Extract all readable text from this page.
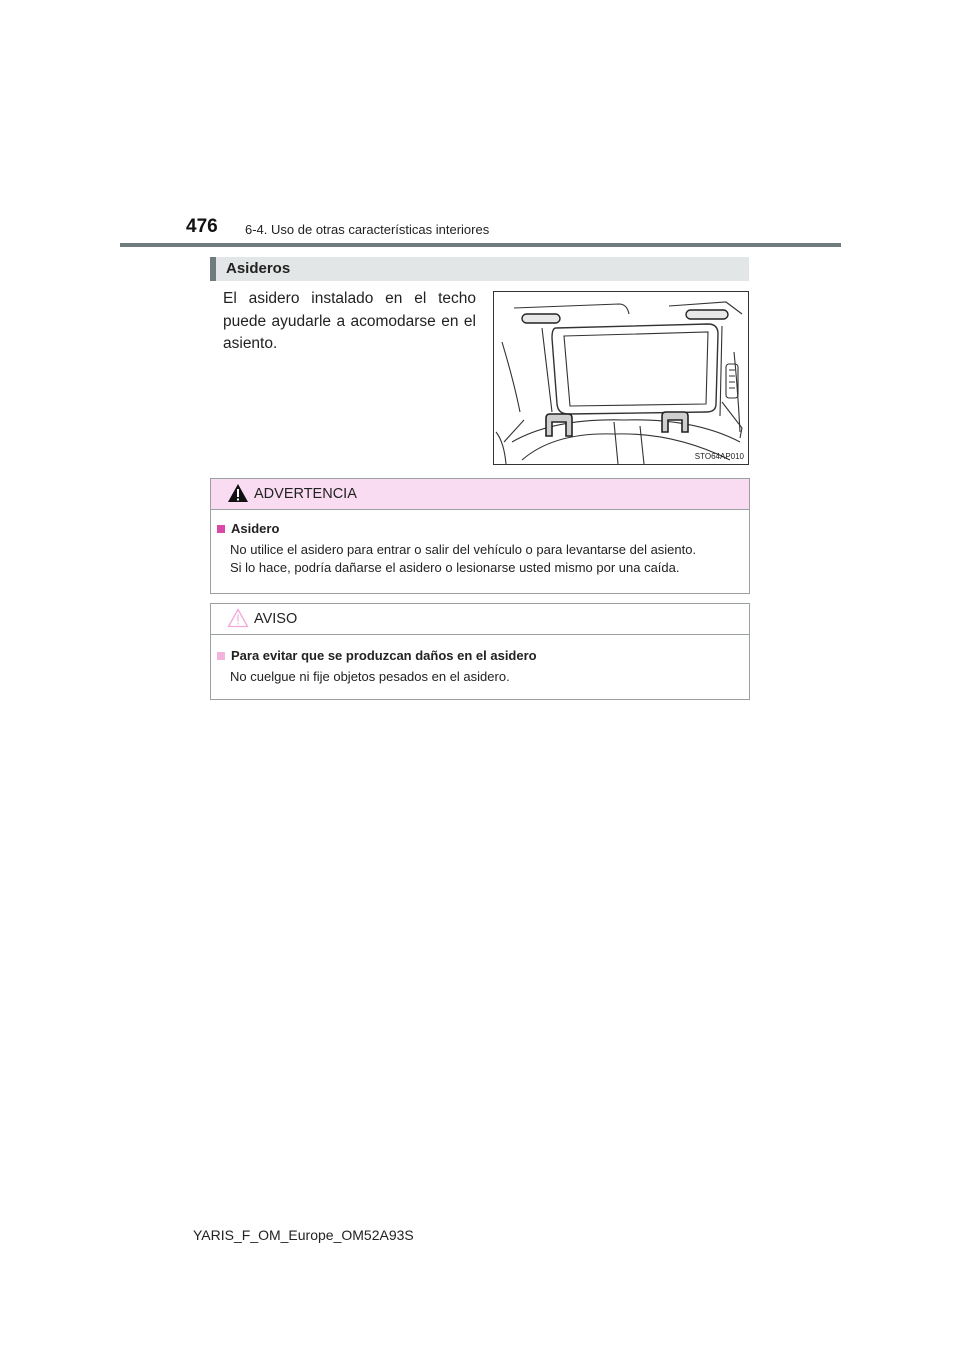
476 6-4. Uso de otras características interiores
Asideros
El asidero instalado en el techo puede ayudarle a acomodarse en el asiento.
STO64AP010
ADVERTENCIA
Asidero
No utilice el asidero para entrar o salir del vehículo o para levantarse del asiento.
Si lo hace, podría dañarse el asidero o lesionarse usted mismo por una caída.
AVISO
Para evitar que se produzcan daños en el asidero
No cuelgue ni fije objetos pesados en el asidero.
YARIS_F_OM_Europe_OM52A93S
